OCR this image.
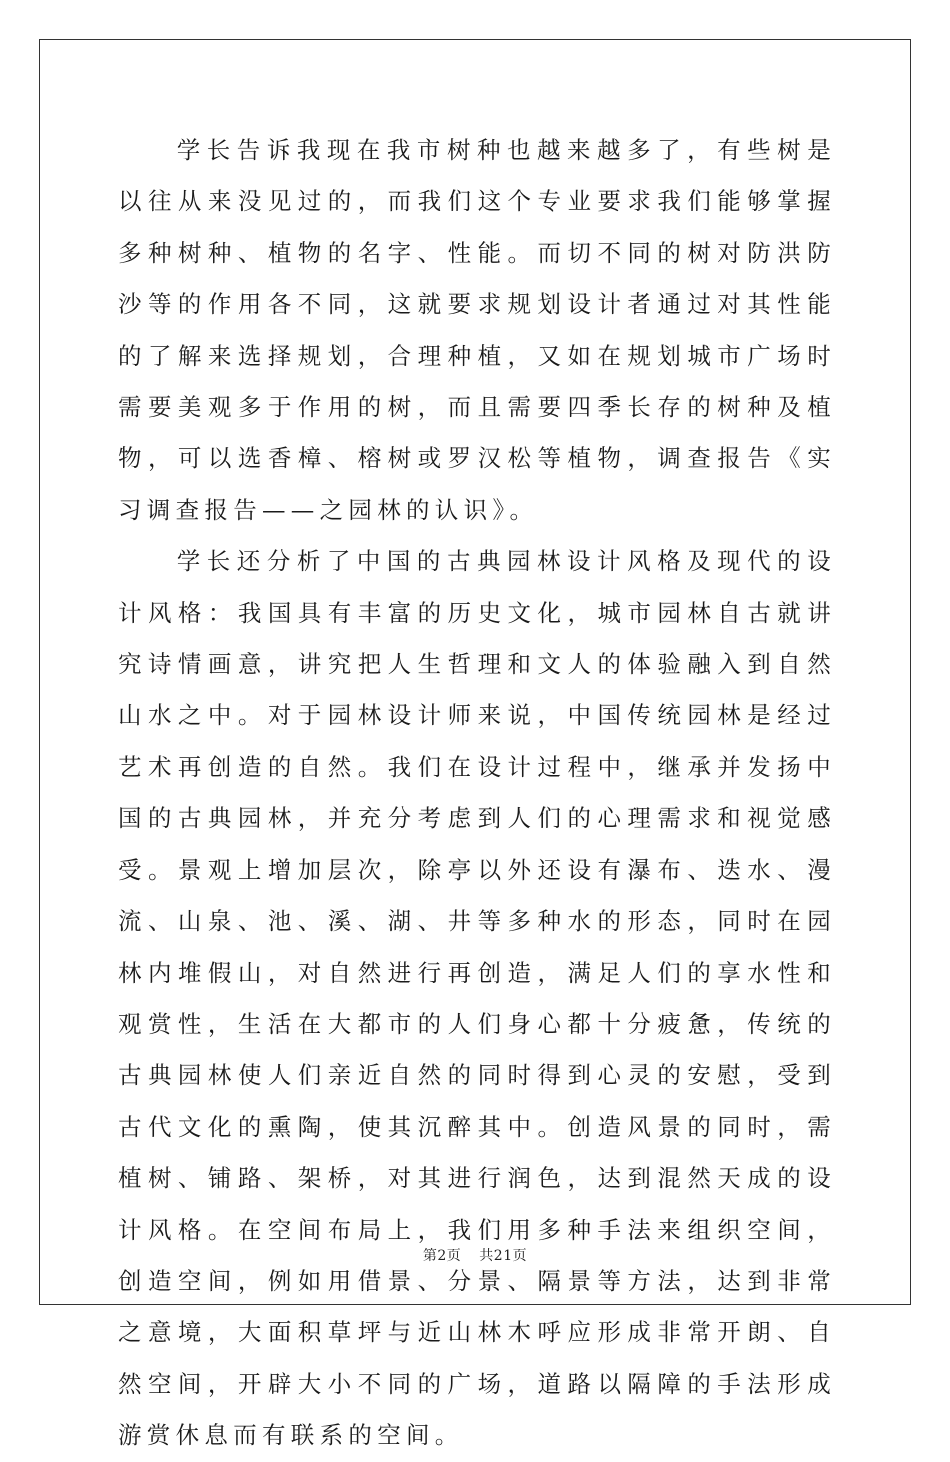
学长告诉我现在我市树种也越来越多了，有些树是以往从来没见过的，而我们这个专业要求我们能够掌握多种树种、植物的名字、性能。而切不同的树对防洪防沙等的作用各不同，这就要求规划设计者通过对其性能的了解来选择规划，合理种植，又如在规划城市广场时需要美观多于作用的树，而且需要四季长存的树种及植物，可以选香樟、榕树或罗汉松等植物，调查报告《实习调查报告——之园林的认识》。

学长还分析了中国的古典园林设计风格及现代的设计风格：我国具有丰富的历史文化，城市园林自古就讲究诗情画意，讲究把人生哲理和文人的体验融入到自然山水之中。对于园林设计师来说，中国传统园林是经过艺术再创造的自然。我们在设计过程中，继承并发扬中国的古典园林，并充分考虑到人们的心理需求和视觉感受。景观上增加层次，除亭以外还设有瀑布、迭水、漫流、山泉、池、溪、湖、井等多种水的形态，同时在园林内堆假山，对自然进行再创造，满足人们的享水性和观赏性，生活在大都市的人们身心都十分疲惫，传统的古典园林使人们亲近自然的同时得到心灵的安慰，受到古代文化的熏陶，使其沉醉其中。创造风景的同时，需植树、铺路、架桥，对其进行润色，达到混然天成的设计风格。在空间布局上，我们用多种手法来组织空间，创造空间，例如用借景、分景、隔景等方法，达到非常之意境，大面积草坪与近山林木呼应形成非常开朗、自然空间，开辟大小不同的广场，道路以隔障的手法形成游赏休息而有联系的空间。

第2页 共21页
